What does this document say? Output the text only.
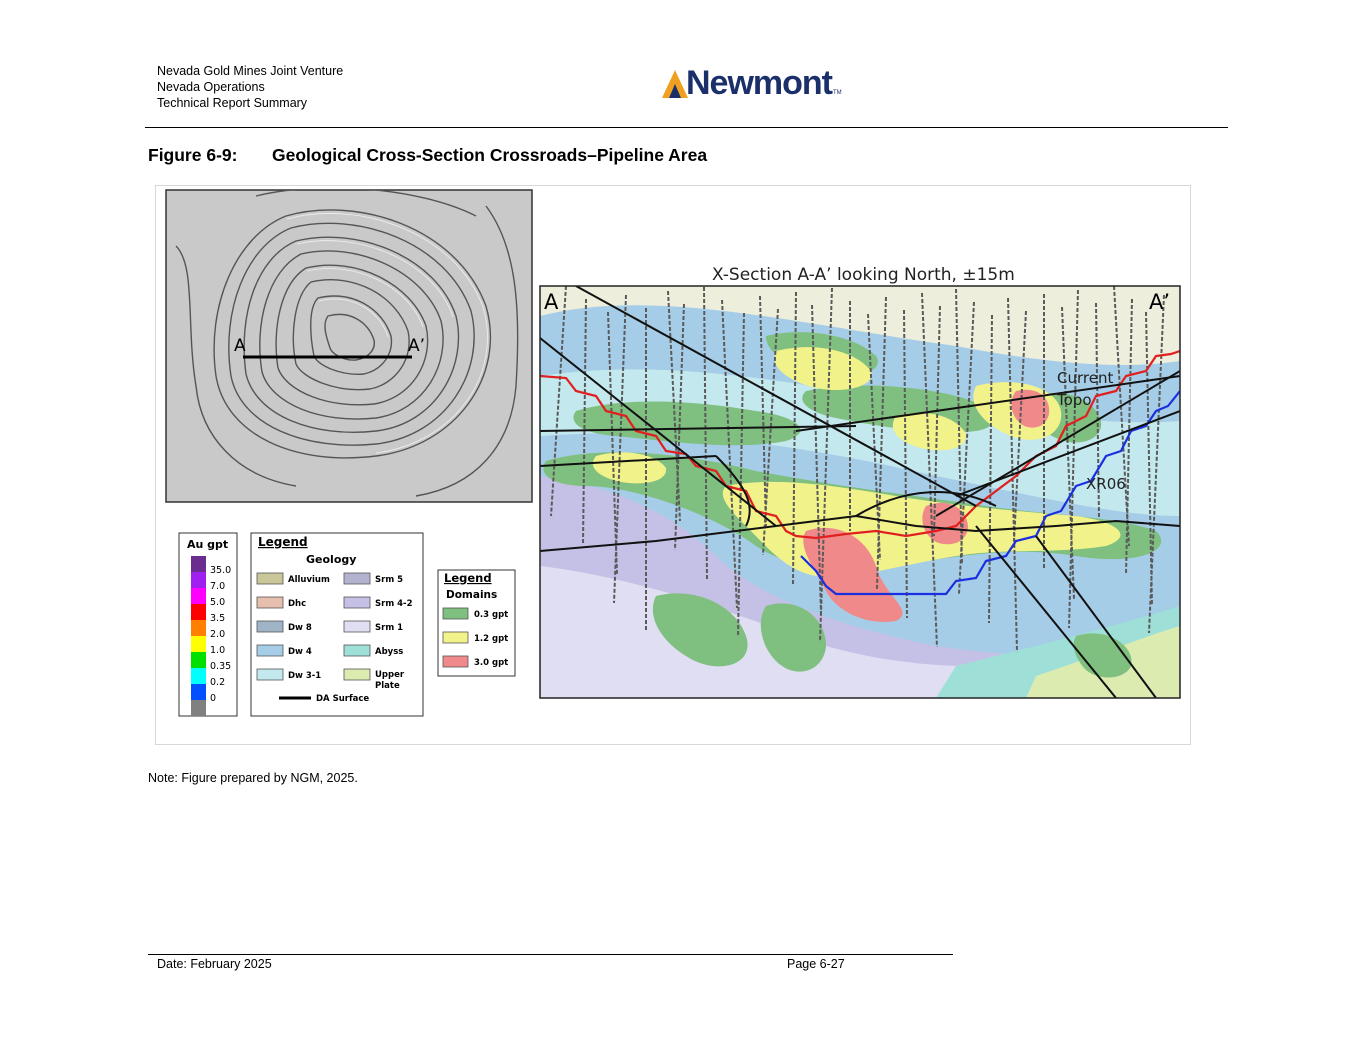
Nevada Gold Mines Joint Venture
Nevada Operations
Technical Report Summary
Newmont TM
Figure 6-9: Geological Cross-Section Crossroads–Pipeline Area
A	A’
Au gpt
35.0
7.0
5.0
3.5
2.0
1.0
0.35
0.2
0
Legend
Geology
Alluvium
Dhc
Dw 8
Dw 4
Dw 3-1
Srm 5
Srm 4-2
Srm 1
Abyss
Upper
Plate
DA Surface
Legend
Domains
0.3 gpt
1.2 gpt
3.0 gpt
X-Section A-A’ looking North, ±15m
A	A’
Current
Topo
XR06
Note: Figure prepared by NGM, 2025.
Date: February 2025	Page 6-27
